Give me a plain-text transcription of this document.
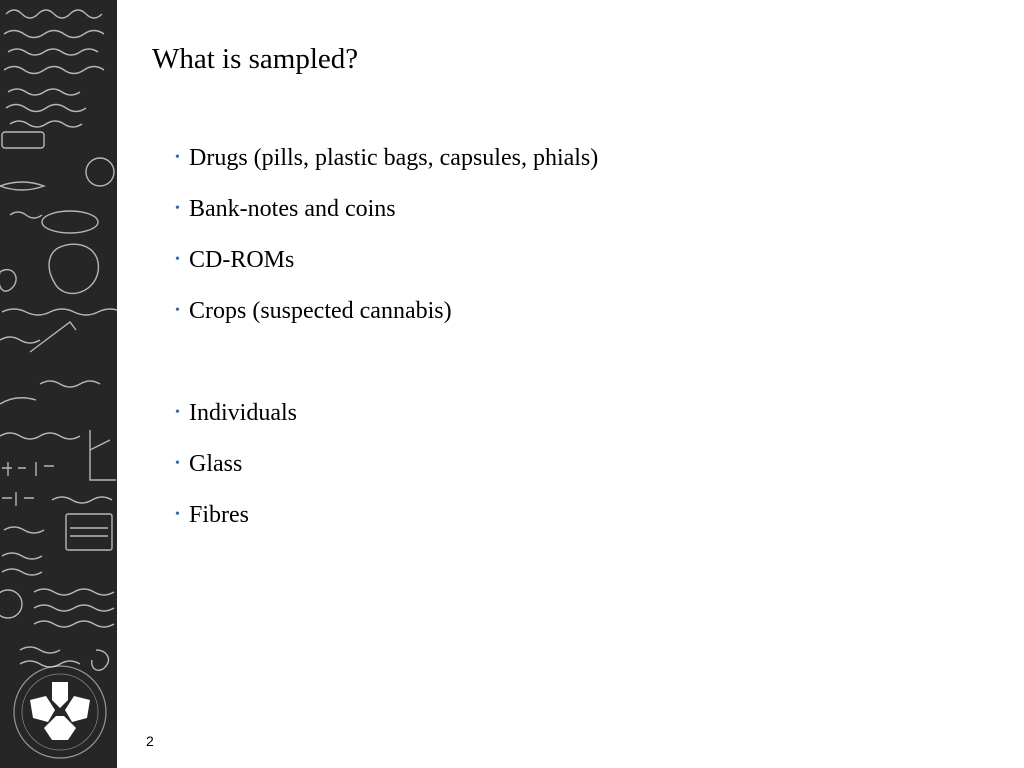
What is sampled?
• Drugs (pills, plastic bags, capsules, phials)
• Bank-notes and coins
• CD-ROMs
• Crops (suspected cannabis)
• Individuals
• Glass
• Fibres
2
